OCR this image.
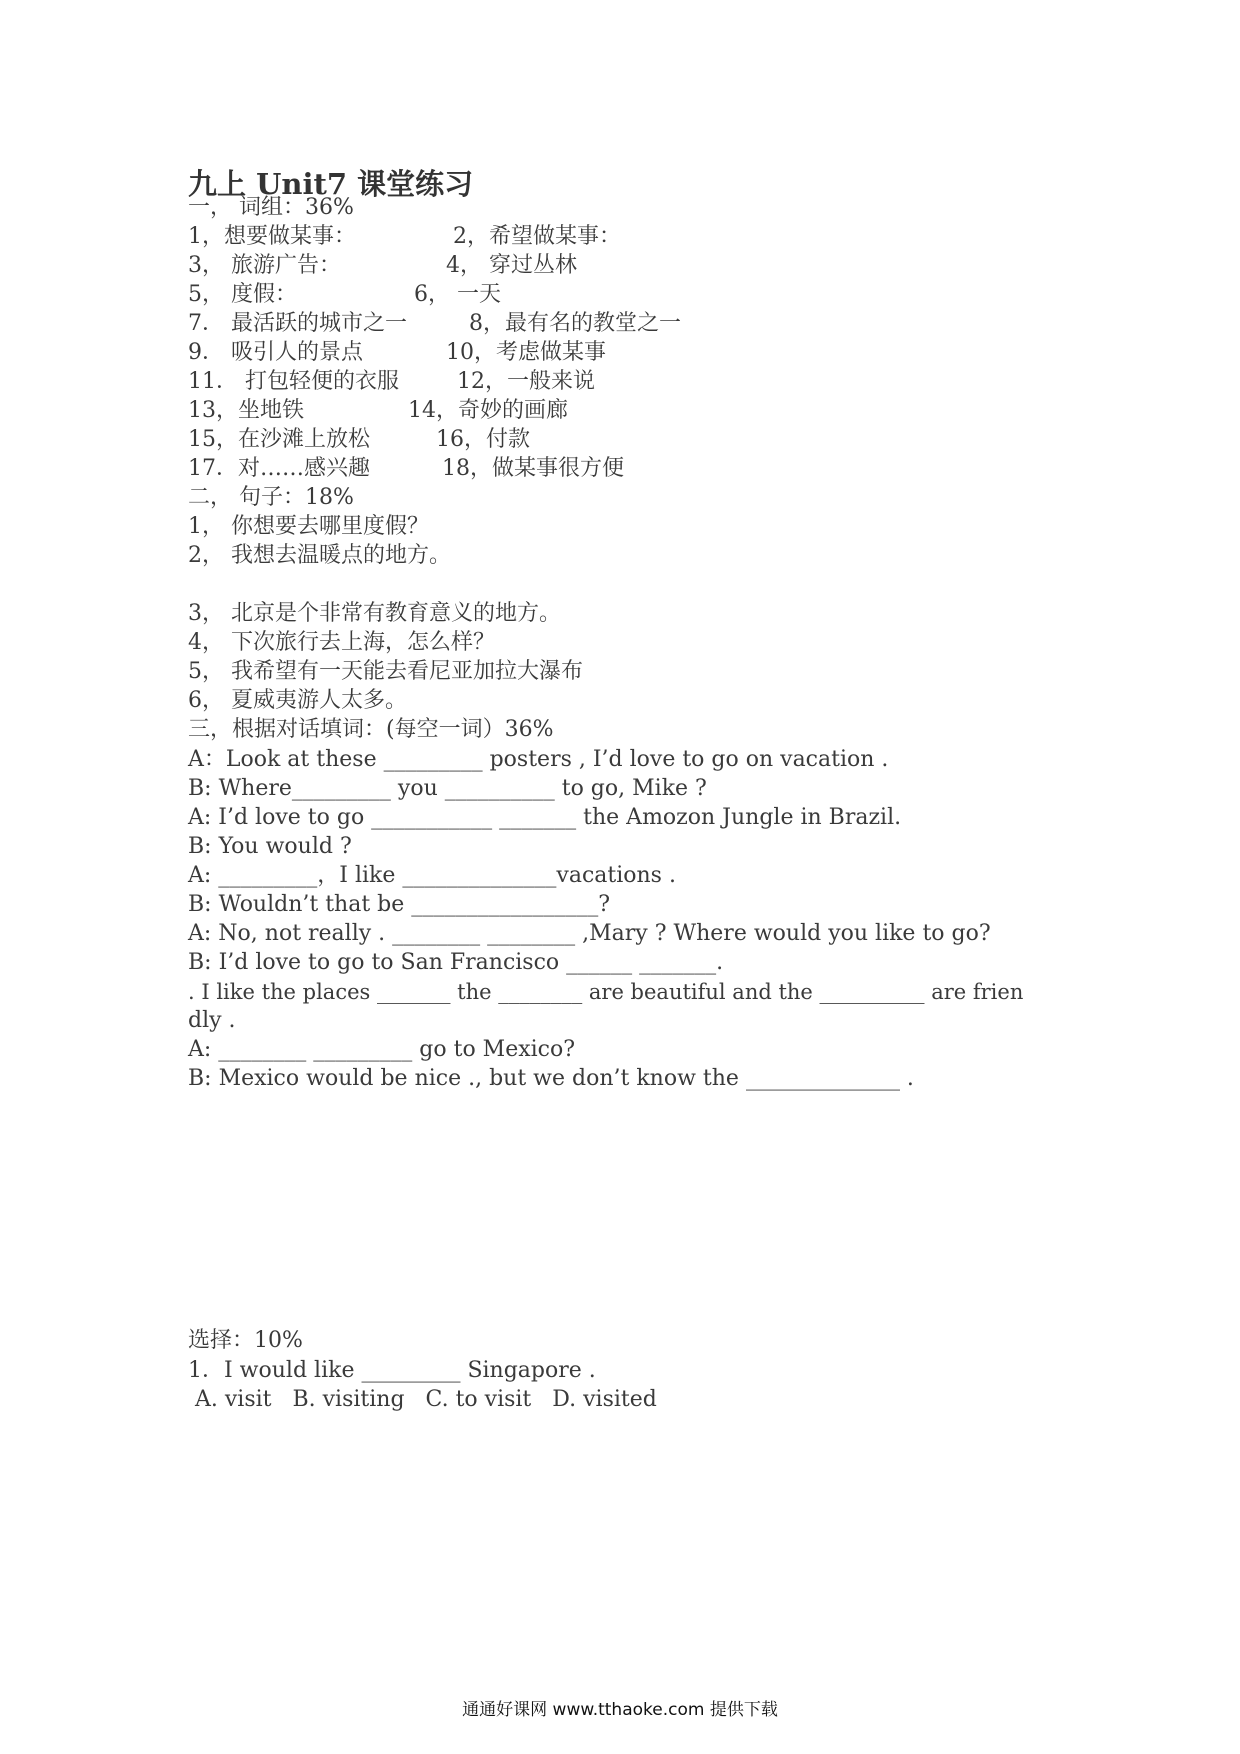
九上 Unit7 课堂练习
一， 词组：36%
1，想要做某事：	2，希望做某事：
3， 旅游广告：	4， 穿过丛林
5， 度假：	6， 一天
7． 最活跃的城市之一	8，最有名的教堂之一
9． 吸引人的景点	10，考虑做某事
11． 打包轻便的衣服	12，一般来说
13，坐地铁	14，奇妙的画廊
15，在沙滩上放松	16，付款
17．对……感兴趣	18，做某事很方便
二， 句子：18%
1， 你想要去哪里度假？
2， 我想去温暖点的地方。
3， 北京是个非常有教育意义的地方。
4， 下次旅行去上海，怎么样？
5， 我希望有一天能去看尼亚加拉大瀑布
6， 夏威夷游人太多。
三，根据对话填词：(每空一词）36%
A：Look at these _________ posters , I’d love to go on vacation .
B: Where_________ you __________ to go, Mike ?
A: I’d love to go ___________ _______ the Amozon Jungle in Brazil.
B: You would ?
A: _________，I like ______________vacations .
B: Wouldn’t that be _________________?
A: No, not really . ________ ________ ,Mary ? Where would you like to go?
B: I’d love to go to San Francisco ______ _______.
. I like the places _______ the ________ are beautiful and the __________ are frien
dly .
A: ________ _________ go to Mexico?
B: Mexico would be nice ., but we don’t know the ______________ .
选择：10%
1．I would like _________ Singapore .
A. visit   B. visiting   C. to visit   D. visited
通通好课网 www.tthaoke.com 提供下载
